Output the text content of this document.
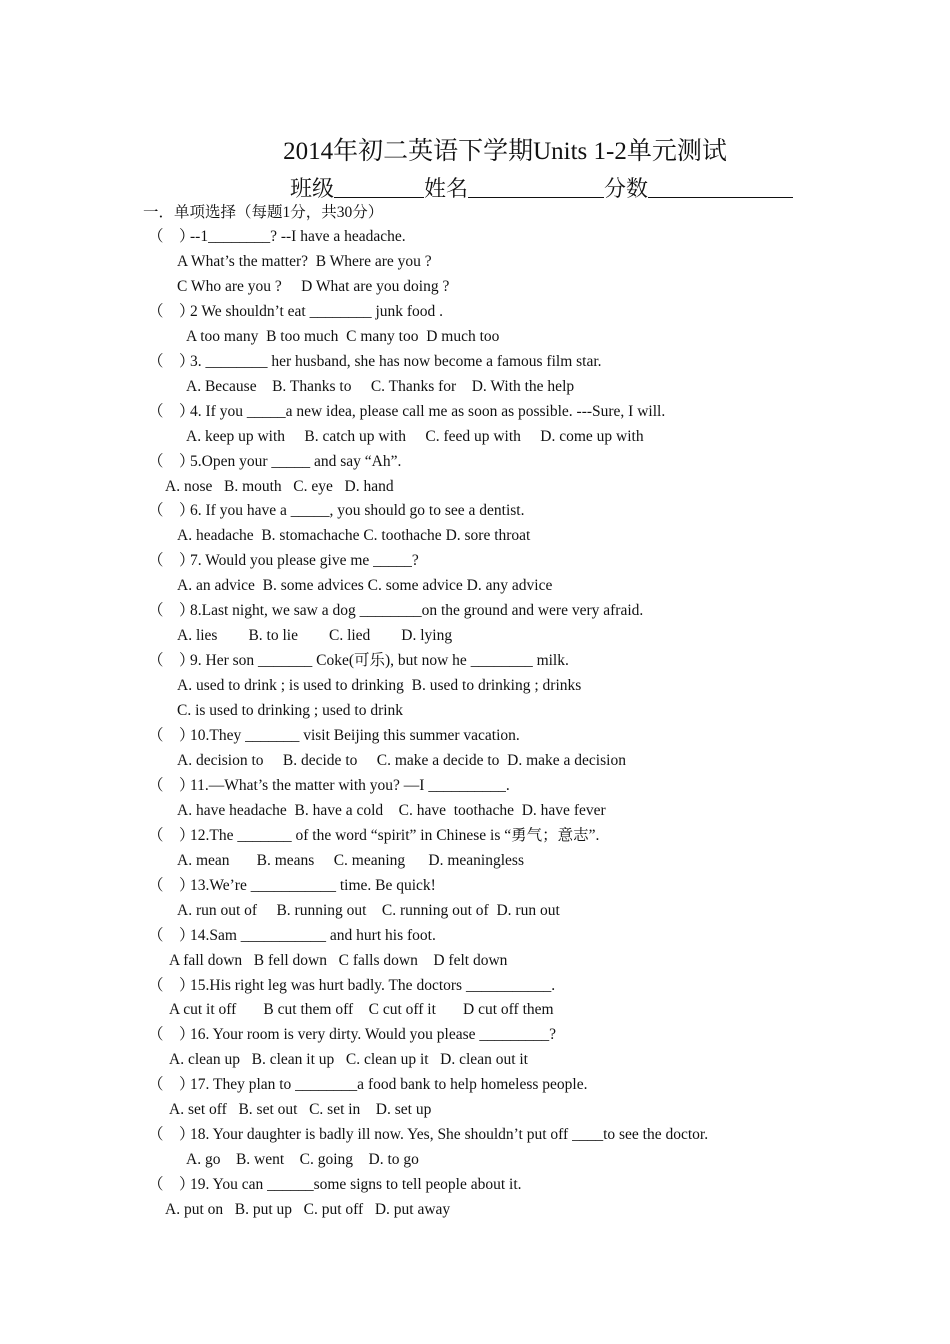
2014年初二英语下学期Units 1-2单元测试
班级	姓名	分数
一．单项选择（每题1分，共30分）
（　）
--1________? --I have a headache.
A What’s the matter?  B Where are you ?
C Who are you ?     D What are you doing ?
（　）
2 We shouldn’t eat ________ junk food .
A too many  B too much  C many too  D much too
（　）
3. ________ her husband, she has now become a famous film star.
A. Because    B. Thanks to     C. Thanks for    D. With the help
（　）
4. If you _____a new idea, please call me as soon as possible. ---Sure, I will.
A. keep up with     B. catch up with     C. feed up with     D. come up with
（　）
5.Open your _____ and say “Ah”.
A. nose   B. mouth   C. eye   D. hand
（　）
6. If you have a _____, you should go to see a dentist.
A. headache  B. stomachache C. toothache D. sore throat
（　）
7. Would you please give me _____?
A. an advice  B. some advices C. some advice D. any advice
（　）
8.Last night, we saw a dog ________on the ground and were very afraid.
A. lies        B. to lie        C. lied        D. lying
（　）
9. Her son _______ Coke(可乐), but now he ________ milk.
A. used to drink ; is used to drinking  B. used to drinking ; drinks
C. is used to drinking ; used to drink
（　）
10.They _______ visit Beijing this summer vacation.
A. decision to     B. decide to     C. make a decide to  D. make a decision
（　）
11.—What’s the matter with you? —I __________.
A. have headache  B. have a cold    C. have  toothache  D. have fever
（　）
12.The _______ of the word “spirit” in Chinese is “勇气；意志”.
A. mean       B. means     C. meaning      D. meaningless
（　）
13.We’re ___________ time. Be quick!
A. run out of     B. running out    C. running out of  D. run out
（　）
14.Sam ___________ and hurt his foot.
A fall down   B fell down   C falls down    D felt down
（　）
15.His right leg was hurt badly. The doctors ___________.
A cut it off       B cut them off    C cut off it       D cut off them
（　）
16. Your room is very dirty. Would you please _________?
A. clean up   B. clean it up   C. clean up it   D. clean out it
（　）
17. They plan to ________a food bank to help homeless people.
A. set off   B. set out   C. set in    D. set up
（　）
18. Your daughter is badly ill now. Yes, She shouldn’t put off ____to see the doctor.
A. go    B. went    C. going    D. to go
（　）
19. You can ______some signs to tell people about it.
A. put on   B. put up   C. put off   D. put away
